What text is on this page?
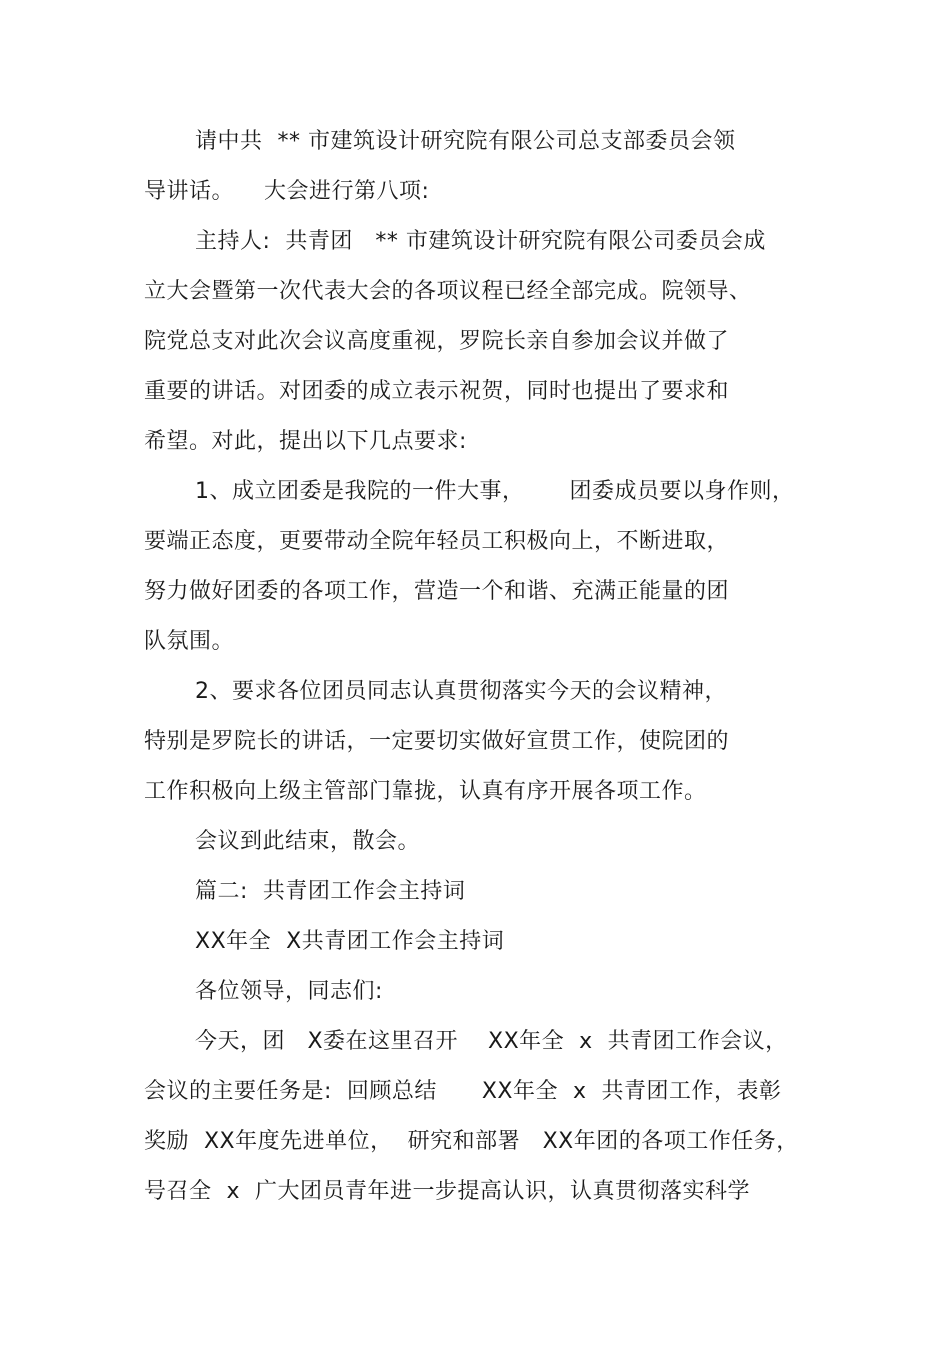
请中共  ** 市建筑设计研究院有限公司总支部委员会领
导讲话。    大会进行第八项:
主持人:  共青团   ** 市建筑设计研究院有限公司委员会成
立大会暨第一次代表大会的各项议程已经全部完成。院领导、
院党总支对此次会议高度重视，罗院长亲自参加会议并做了
重要的讲话。对团委的成立表示祝贺，同时也提出了要求和
希望。对此，提出以下几点要求:
1、成立团委是我院的一件大事，      团委成员要以身作则，
要端正态度，更要带动全院年轻员工积极向上，不断进取，
努力做好团委的各项工作，营造一个和谐、充满正能量的团
队氛围。
2、要求各位团员同志认真贯彻落实今天的会议精神，
特别是罗院长的讲话，一定要切实做好宣贯工作，使院团的
工作积极向上级主管部门靠拢，认真有序开展各项工作。
会议到此结束，散会。
篇二:  共青团工作会主持词
XX年全  X共青团工作会主持词
各位领导，同志们:
今天，团   X委在这里召开    XX年全  x  共青团工作会议，
会议的主要任务是:  回顾总结      XX年全  x  共青团工作，表彰
奖励  XX年度先进单位，  研究和部署   XX年团的各项工作任务，
号召全  x  广大团员青年进一步提高认识，认真贯彻落实科学
